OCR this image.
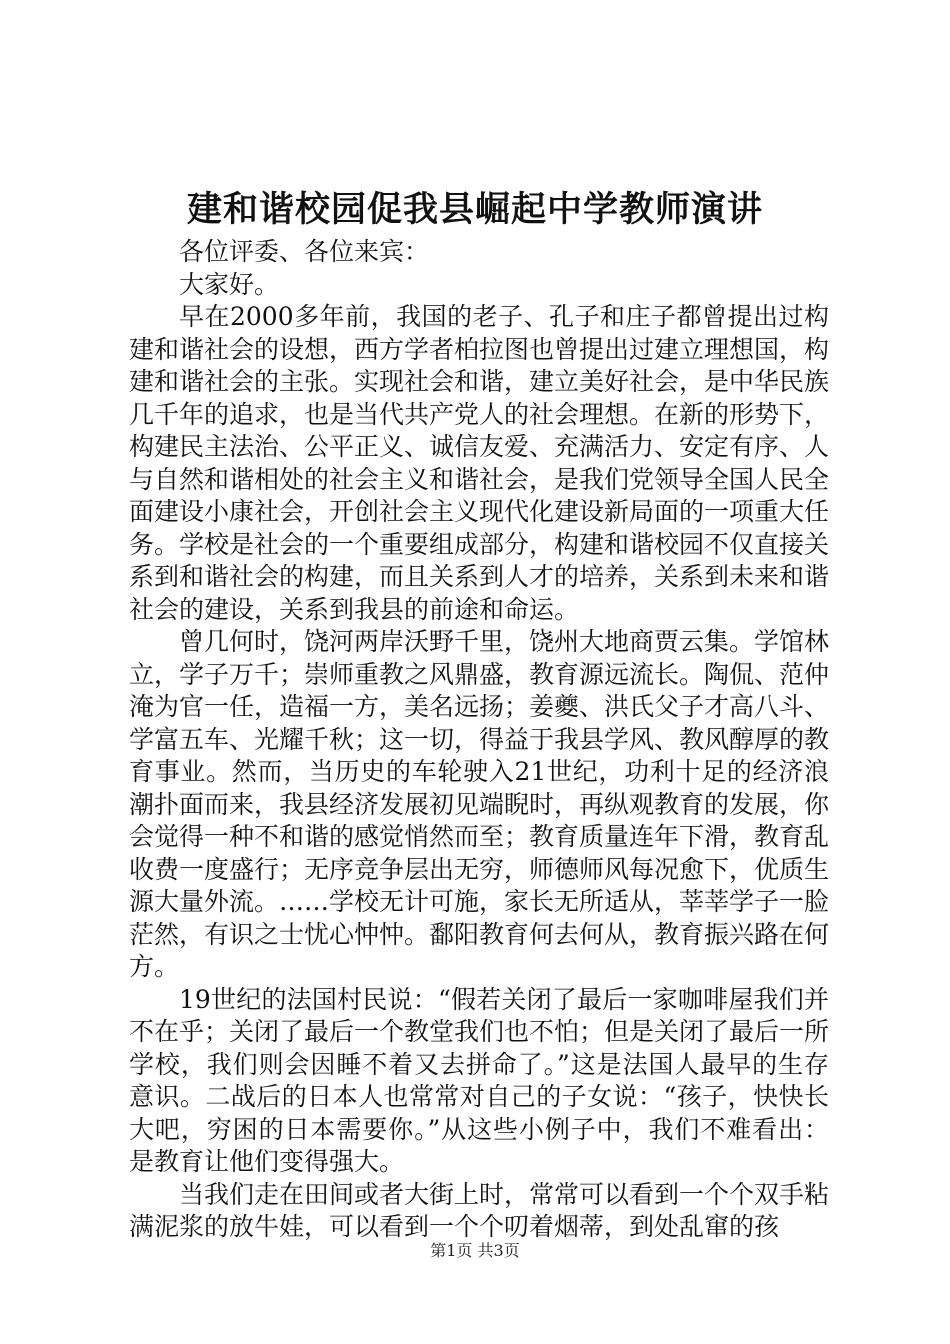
建和谐校园促我县崛起中学教师演讲

各位评委、各位来宾：

大家好。

早在2000多年前，我国的老子、孔子和庄子都曾提出过构建和谐社会的设想，西方学者柏拉图也曾提出过建立理想国，构建和谐社会的主张。实现社会和谐，建立美好社会，是中华民族几千年的追求，也是当代共产党人的社会理想。在新的形势下，构建民主法治、公平正义、诚信友爱、充满活力、安定有序、人与自然和谐相处的社会主义和谐社会，是我们党领导全国人民全面建设小康社会，开创社会主义现代化建设新局面的一项重大任务。学校是社会的一个重要组成部分，构建和谐校园不仅直接关系到和谐社会的构建，而且关系到人才的培养，关系到未来和谐社会的建设，关系到我县的前途和命运。

曾几何时，饶河两岸沃野千里，饶州大地商贾云集。学馆林立，学子万千；崇师重教之风鼎盛，教育源远流长。陶侃、范仲淹为官一任，造福一方，美名远扬；姜夔、洪氏父子才高八斗、学富五车、光耀千秋；这一切，得益于我县学风、教风醇厚的教育事业。然而，当历史的车轮驶入21世纪，功利十足的经济浪潮扑面而来，我县经济发展初见端睨时，再纵观教育的发展，你会觉得一种不和谐的感觉悄然而至；教育质量连年下滑，教育乱收费一度盛行；无序竞争层出无穷，师德师风每况愈下，优质生源大量外流。……学校无计可施，家长无所适从，莘莘学子一脸茫然，有识之士忧心忡忡。鄱阳教育何去何从，教育振兴路在何方。

19世纪的法国村民说：“假若关闭了最后一家咖啡屋我们并不在乎；关闭了最后一个教堂我们也不怕；但是关闭了最后一所学校，我们则会因睡不着又去拼命了。”这是法国人最早的生存意识。二战后的日本人也常常对自己的子女说：“孩子，快快长大吧，穷困的日本需要你。”从这些小例子中，我们不难看出：是教育让他们变得强大。

当我们走在田间或者大街上时，常常可以看到一个个双手粘满泥浆的放牛娃，可以看到一个个叨着烟蒂，到处乱窜的孩

第1页 共3页
